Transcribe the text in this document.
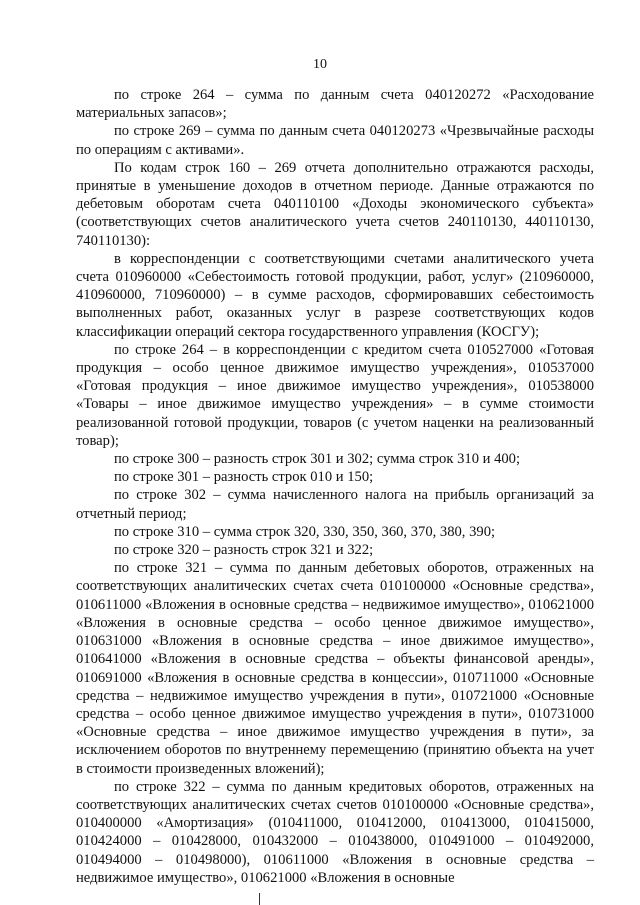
10

по строке 264 – сумма по данным счета 040120272 «Расходование материальных запасов»;

по строке 269 – сумма по данным счета 040120273 «Чрезвычайные расходы по операциям с активами».

По кодам строк 160 – 269 отчета дополнительно отражаются расходы, принятые в уменьшение доходов в отчетном периоде. Данные отражаются по дебетовым оборотам счета 040110100 «Доходы экономического субъекта» (соответствующих счетов аналитического учета счетов 240110130, 440110130, 740110130):

в корреспонденции с соответствующими счетами аналитического учета счета 010960000 «Себестоимость готовой продукции, работ, услуг» (210960000, 410960000, 710960000) – в сумме расходов, сформировавших себестоимость выполненных работ, оказанных услуг в разрезе соответствующих кодов классификации операций сектора государственного управления (КОСГУ);

по строке 264 – в корреспонденции с кредитом счета 010527000 «Готовая продукция – особо ценное движимое имущество учреждения», 010537000 «Готовая продукция – иное движимое имущество учреждения», 010538000 «Товары – иное движимое имущество учреждения» – в сумме стоимости реализованной готовой продукции, товаров (с учетом наценки на реализованный товар);

по строке 300 – разность строк 301 и 302; сумма строк 310 и 400;

по строке 301 – разность строк 010 и 150;

по строке 302 – сумма начисленного налога на прибыль организаций за отчетный период;

по строке 310 – сумма строк 320, 330, 350, 360, 370, 380, 390;

по строке 320 – разность строк 321 и 322;

по строке 321 – сумма по данным дебетовых оборотов, отраженных на соответствующих аналитических счетах счета 010100000 «Основные средства», 010611000 «Вложения в основные средства – недвижимое имущество», 010621000 «Вложения в основные средства – особо ценное движимое имущество», 010631000 «Вложения в основные средства – иное движимое имущество», 010641000 «Вложения в основные средства – объекты финансовой аренды», 010691000 «Вложения в основные средства в концессии», 010711000 «Основные средства – недвижимое имущество учреждения в пути», 010721000 «Основные средства – особо ценное движимое имущество учреждения в пути», 010731000 «Основные средства – иное движимое имущество учреждения в пути», за исключением оборотов по внутреннему перемещению (принятию объекта на учет в стоимости произведенных вложений);

по строке 322 – сумма по данным кредитовых оборотов, отраженных на соответствующих аналитических счетах счетов 010100000 «Основные средства», 010400000 «Амортизация» (010411000, 010412000, 010413000, 010415000, 010424000 – 010428000, 010432000 – 010438000, 010491000 – 010492000, 010494000 – 010498000), 010611000 «Вложения в основные средства – недвижимое имущество», 010621000 «Вложения в основные
